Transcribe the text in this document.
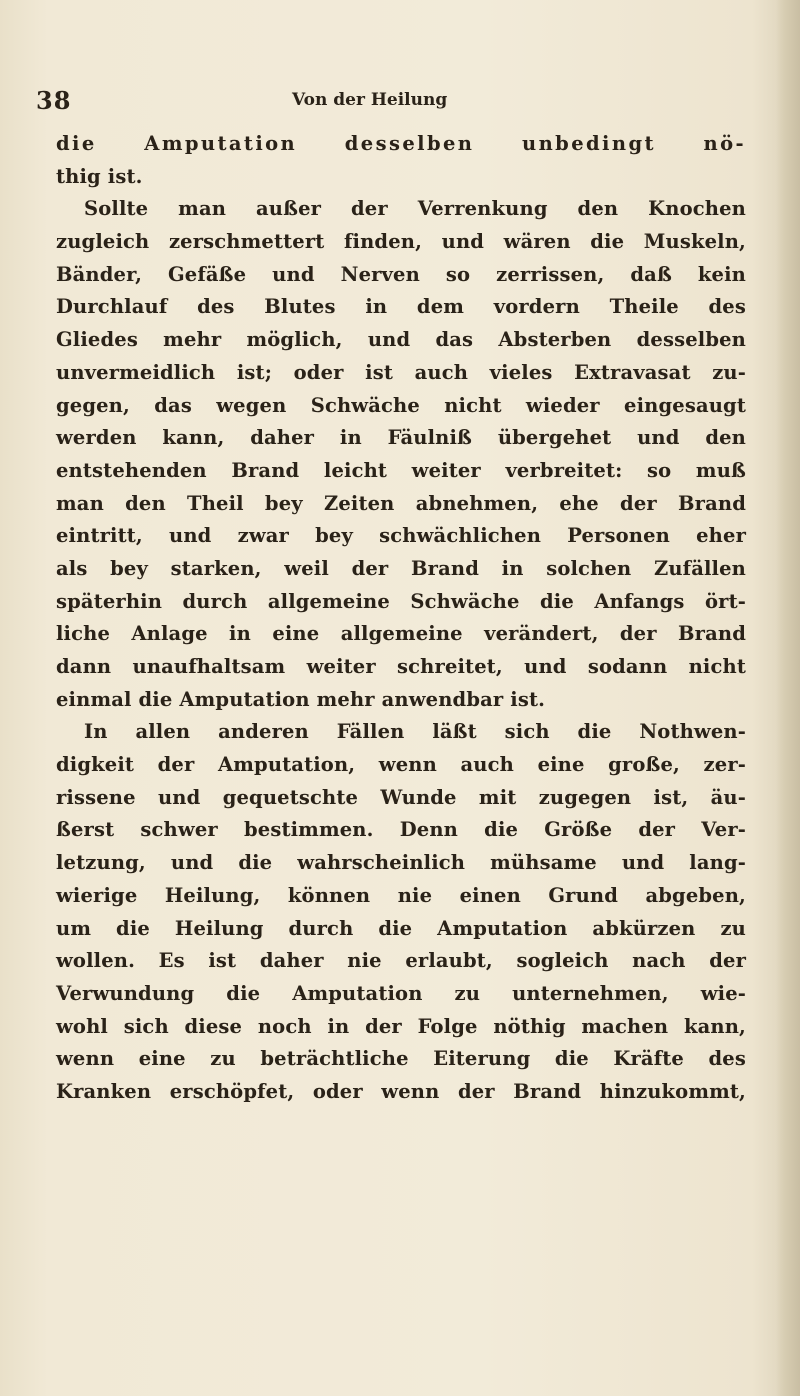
38	Von der Heilung
die Amputation desselben unbedingt nö-
thig ist.
Sollte man außer der Verrenkung den Knochen
zugleich zerschmettert finden, und wären die Muskeln,
Bänder, Gefäße und Nerven so zerrissen, daß kein
Durchlauf des Blutes in dem vordern Theile des
Gliedes mehr möglich, und das Absterben desselben
unvermeidlich ist; oder ist auch vieles Extravasat zu-
gegen, das wegen Schwäche nicht wieder eingesaugt
werden kann, daher in Fäulniß übergehet und den
entstehenden Brand leicht weiter verbreitet: so muß
man den Theil bey Zeiten abnehmen, ehe der Brand
eintritt, und zwar bey schwächlichen Personen eher
als bey starken, weil der Brand in solchen Zufällen
späterhin durch allgemeine Schwäche die Anfangs ört-
liche Anlage in eine allgemeine verändert, der Brand
dann unaufhaltsam weiter schreitet, und sodann nicht
einmal die Amputation mehr anwendbar ist.
In allen anderen Fällen läßt sich die Nothwen-
digkeit der Amputation, wenn auch eine große, zer-
rissene und gequetschte Wunde mit zugegen ist, äu-
ßerst schwer bestimmen. Denn die Größe der Ver-
letzung, und die wahrscheinlich mühsame und lang-
wierige Heilung, können nie einen Grund abgeben,
um die Heilung durch die Amputation abkürzen zu
wollen. Es ist daher nie erlaubt, sogleich nach der
Verwundung die Amputation zu unternehmen, wie-
wohl sich diese noch in der Folge nöthig machen kann,
wenn eine zu beträchtliche Eiterung die Kräfte des
Kranken erschöpfet, oder wenn der Brand hinzukommt,
